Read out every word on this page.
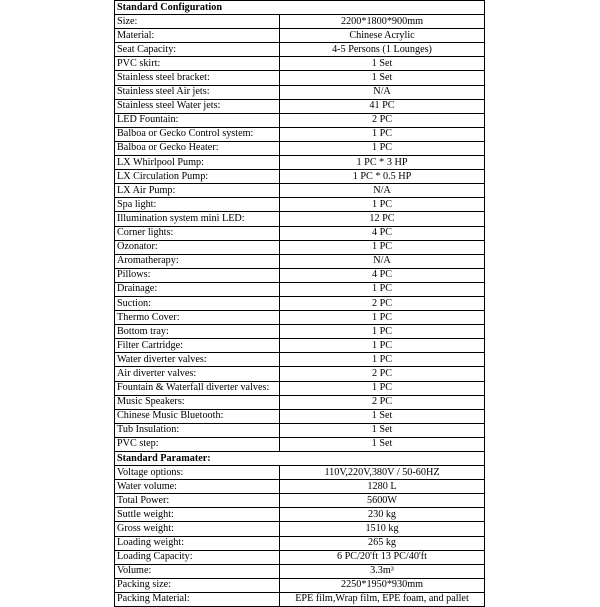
Standard Configuration	
Size:	2200*1800*900mm
Material:	Chinese Acrylic
Seat Capacity:	4-5 Persons (1 Lounges)
PVC skirt:	1 Set
Stainless steel bracket:	1 Set
Stainless steel Air jets:	N/A
Stainless steel Water jets:	41 PC
LED Fountain:	2 PC
Balboa or Gecko Control system:	1 PC
Balboa or Gecko Heater:	1 PC
LX Whirlpool Pump:	1 PC * 3 HP
LX Circulation Pump:	1 PC * 0.5 HP
LX Air Pump:	N/A
Spa light:	1 PC
Illumination system mini LED:	12 PC
Corner lights:	4 PC
Ozonator:	1 PC
Aromatherapy:	N/A
Pillows:	4 PC
Drainage:	1 PC
Suction:	2 PC
Thermo Cover:	1 PC
Bottom tray:	1 PC
Filter Cartridge:	1 PC
Water diverter valves:	1 PC
Air diverter valves:	2 PC
Fountain & Waterfall diverter valves:	1 PC
Music Speakers:	2 PC
Chinese Music Bluetooth:	1 Set
Tub Insulation:	1 Set
PVC step:	1 Set
Standard Paramater:	
Voltage options:	110V,220V,380V / 50-60HZ
Water volume:	1280 L
Total Power:	5600W
Suttle weight:	230 kg
Gross weight:	1510 kg
Loading weight:	265 kg
Loading Capacity:	6 PC/20'ft 13 PC/40'ft
Volume:	3.3m³
Packing size:	2250*1950*930mm
Packing Material:	EPE film,Wrap film, EPE foam, and pallet
